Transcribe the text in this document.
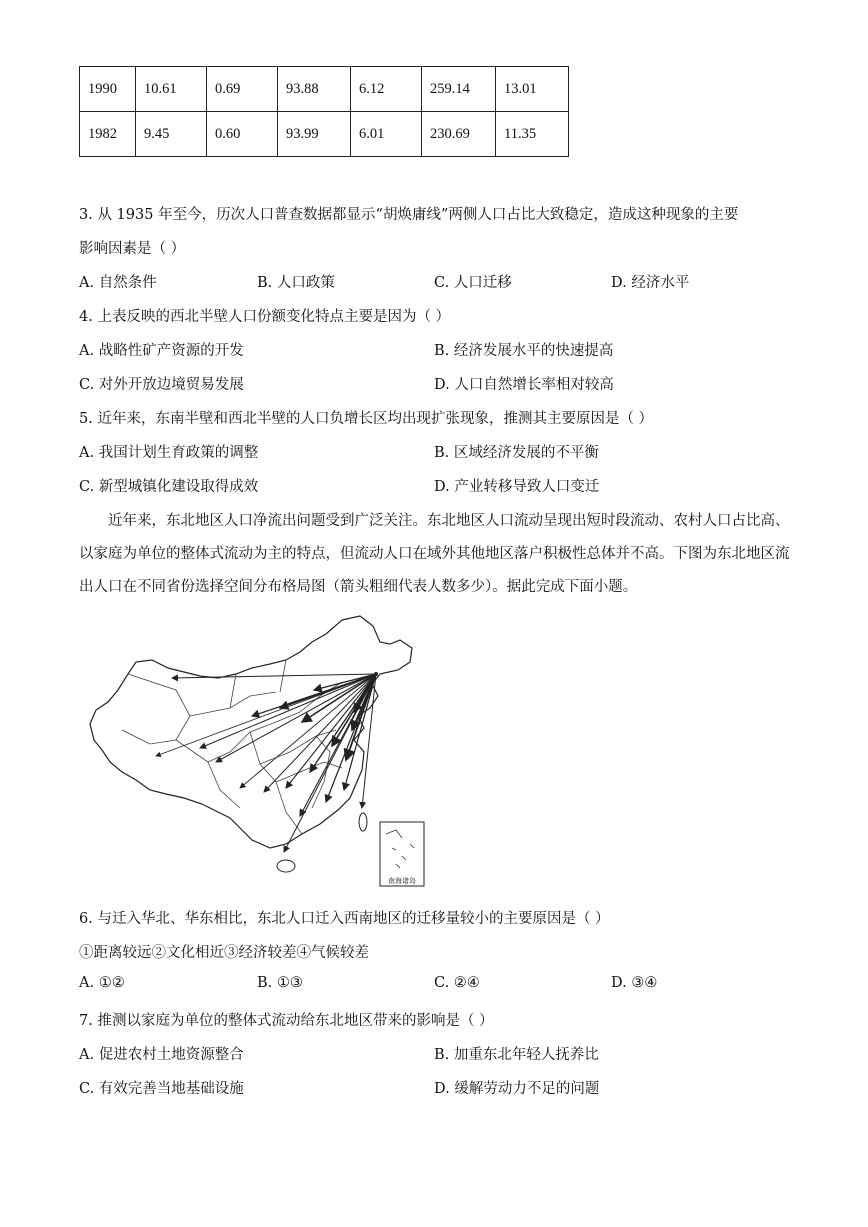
1990	10.61	0.69	93.88	6.12	259.14	13.01
1982	9.45	0.60	93.99	6.01	230.69	11.35
3. 从 1935 年至今，历次人口普查数据都显示“胡焕庸线”两侧人口占比大致稳定，造成这种现象的主要
影响因素是（ ）
A. 自然条件	B. 人口政策	C. 人口迁移	D. 经济水平
4. 上表反映的西北半壁人口份额变化特点主要是因为（ ）
A. 战略性矿产资源的开发	B. 经济发展水平的快速提高
C. 对外开放边境贸易发展	D. 人口自然增长率相对较高
5. 近年来，东南半壁和西北半壁的人口负增长区均出现扩张现象，推测其主要原因是（ ）
A. 我国计划生育政策的调整	B. 区域经济发展的不平衡
C. 新型城镇化建设取得成效	D. 产业转移导致人口变迁
近年来，东北地区人口净流出问题受到广泛关注。东北地区人口流动呈现出短时段流动、农村人口占比高、以家庭为单位的整体式流动为主的特点，但流动人口在域外其他地区落户积极性总体并不高。下图为东北地区流出人口在不同省份选择空间分布格局图（箭头粗细代表人数多少）。据此完成下面小题。
南海诸岛
6. 与迁入华北、华东相比，东北人口迁入西南地区的迁移量较小的主要原因是（ ）
①距离较远②文化相近③经济较差④气候较差
A. ①②	B. ①③	C. ②④	D. ③④
7. 推测以家庭为单位的整体式流动给东北地区带来的影响是（ ）
A. 促进农村土地资源整合	B. 加重东北年轻人抚养比
C. 有效完善当地基础设施	D. 缓解劳动力不足的问题
